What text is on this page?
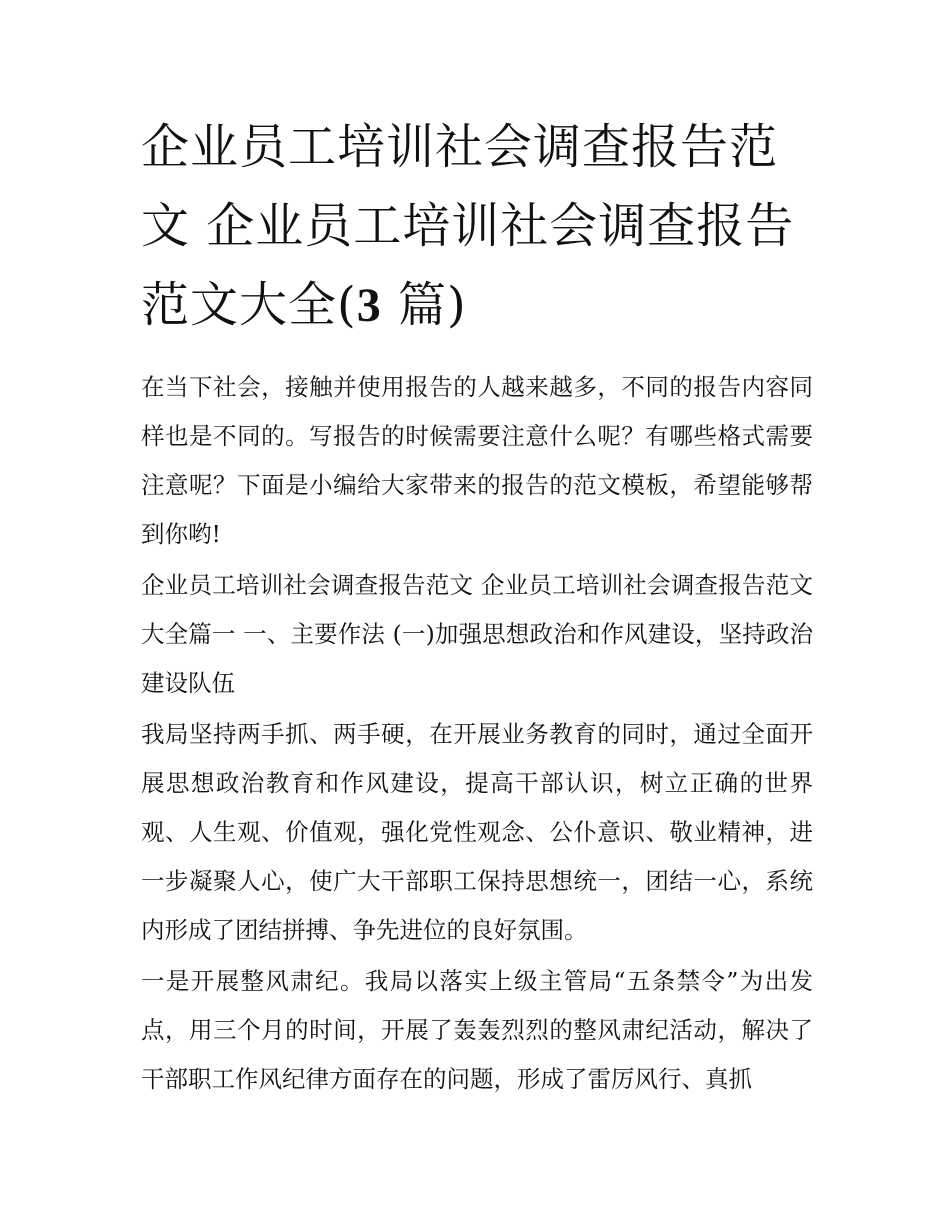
企业员工培训社会调查报告范文 企业员工培训社会调查报告范文大全(3 篇)

在当下社会，接触并使用报告的人越来越多，不同的报告内容同样也是不同的。写报告的时候需要注意什么呢？有哪些格式需要注意呢？下面是小编给大家带来的报告的范文模板，希望能够帮到你哟!

企业员工培训社会调查报告范文 企业员工培训社会调查报告范文大全篇一 一、主要作法 (一)加强思想政治和作风建设，坚持政治建设队伍

我局坚持两手抓、两手硬，在开展业务教育的同时，通过全面开展思想政治教育和作风建设，提高干部认识，树立正确的世界观、人生观、价值观，强化党性观念、公仆意识、敬业精神，进一步凝聚人心，使广大干部职工保持思想统一，团结一心，系统内形成了团结拼搏、争先进位的良好氛围。

一是开展整风肃纪。我局以落实上级主管局“五条禁令”为出发点，用三个月的时间，开展了轰轰烈烈的整风肃纪活动，解决了干部职工作风纪律方面存在的问题，形成了雷厉风行、真抓
